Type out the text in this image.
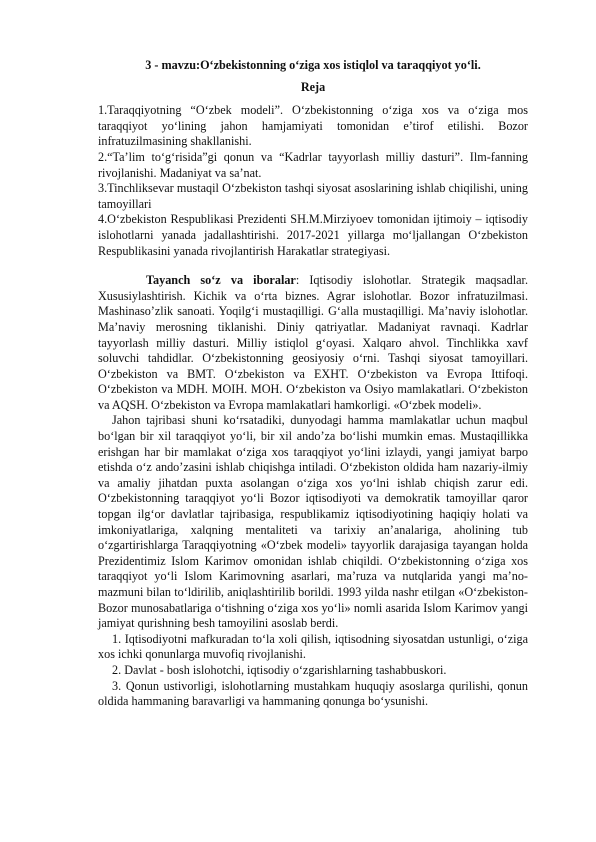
3 - mavzu:O‘zbekistonning o‘ziga xos istiqlol va taraqqiyot yo‘li.
Reja

1.Taraqqiyotning “O‘zbek modeli”. O‘zbekistonning o‘ziga xos va o‘ziga mos taraqqiyot yo‘lining jahon hamjamiyati tomonidan e’tirof etilishi. Bozor infratuzilmasining shakllanishi.

2.“Ta’lim to‘g‘risida”gi qonun va “Kadrlar tayyorlash milliy dasturi”. Ilm-fanning rivojlanishi. Madaniyat va sa’nat.

3.Tinchliksevar mustaqil O‘zbekiston tashqi siyosat asoslarining ishlab chiqilishi, uning tamoyillari

4.O‘zbekiston Respublikasi Prezidenti SH.M.Mirziyoev tomonidan ijtimoiy – iqtisodiy islohotlarni yanada jadallashtirishi. 2017-2021 yillarga mo‘ljallangan O‘zbekiston Respublikasini yanada rivojlantirish Harakatlar strategiyasi.

Tayanch so‘z va iboralar: Iqtisodiy islohotlar. Strategik maqsadlar. Xususiylashtirish. Kichik va o‘rta biznes. Agrar islohotlar. Bozor infratuzilmasi. Mashinaso’zlik sanoati. Yoqilg‘i mustaqilligi. G‘alla mustaqilligi. Ma’naviy islohotlar. Ma’naviy merosning tiklanishi. Diniy qatriyatlar. Madaniyat ravnaqi. Kadrlar tayyorlash milliy dasturi. Milliy istiqlol g‘oyasi. Xalqaro ahvol. Tinchlikka xavf soluvchi tahdidlar. O‘zbekistonning geosiyosiy o‘rni. Tashqi siyosat tamoyillari. O‘zbekiston va BMT. O‘zbekiston va EXHT. O‘zbekiston va Evropa Ittifoqi. O‘zbekiston va MDH. MOIH. MOH. O‘zbekiston va Osiyo mamlakatlari. O‘zbekiston va AQSH. O‘zbekiston va Evropa mamlakatlari hamkorligi. «O‘zbek modeli».

Jahon tajribasi shuni ko‘rsatadiki, dunyodagi hamma mamlakatlar uchun maqbul bo‘lgan bir xil taraqqiyot yo‘li, bir xil ando’za bo‘lishi mumkin emas. Mustaqillikka erishgan har bir mamlakat o‘ziga xos taraqqiyot yo‘lini izlaydi, yangi jamiyat barpo etishda o‘z ando’zasini ishlab chiqishga intiladi. O‘zbekiston oldida ham nazariy-ilmiy va amaliy jihatdan puxta asolangan o‘ziga xos yo‘lni ishlab chiqish zarur edi. O‘zbekistonning taraqqiyot yo‘li Bozor iqtisodiyoti va demokratik tamoyillar qaror topgan ilg‘or davlatlar tajribasiga, respublikamiz iqtisodiyotining haqiqiy holati va imkoniyatlariga, xalqning mentaliteti va tarixiy an’analariga, aholining tub o‘zgartirishlarga Taraqqiyotning «O‘zbek modeli» tayyorlik darajasiga tayangan holda Prezidentimiz Islom Karimov omonidan ishlab chiqildi. O‘zbekistonning o‘ziga xos taraqqiyot yo‘li Islom Karimovning asarlari, ma’ruza va nutqlarida yangi ma’no-mazmuni bilan to‘ldirilib, aniqlashtirilib borildi. 1993 yilda nashr etilgan «O‘zbekiston-Bozor munosabatlariga o‘tishning o‘ziga xos yo‘li» nomli asarida Islom Karimov yangi jamiyat qurishning besh tamoyilini asoslab berdi.

1. Iqtisodiyotni mafkuradan to‘la xoli qilish, iqtisodning siyosatdan ustunligi, o‘ziga xos ichki qonunlarga muvofiq rivojlanishi.

2. Davlat - bosh islohotchi, iqtisodiy o‘zgarishlarning tashabbuskori.

3. Qonun ustivorligi, islohotlarning mustahkam huquqiy asoslarga qurilishi, qonun oldida hammaning baravarligi va hammaning qonunga bo‘ysunishi.
